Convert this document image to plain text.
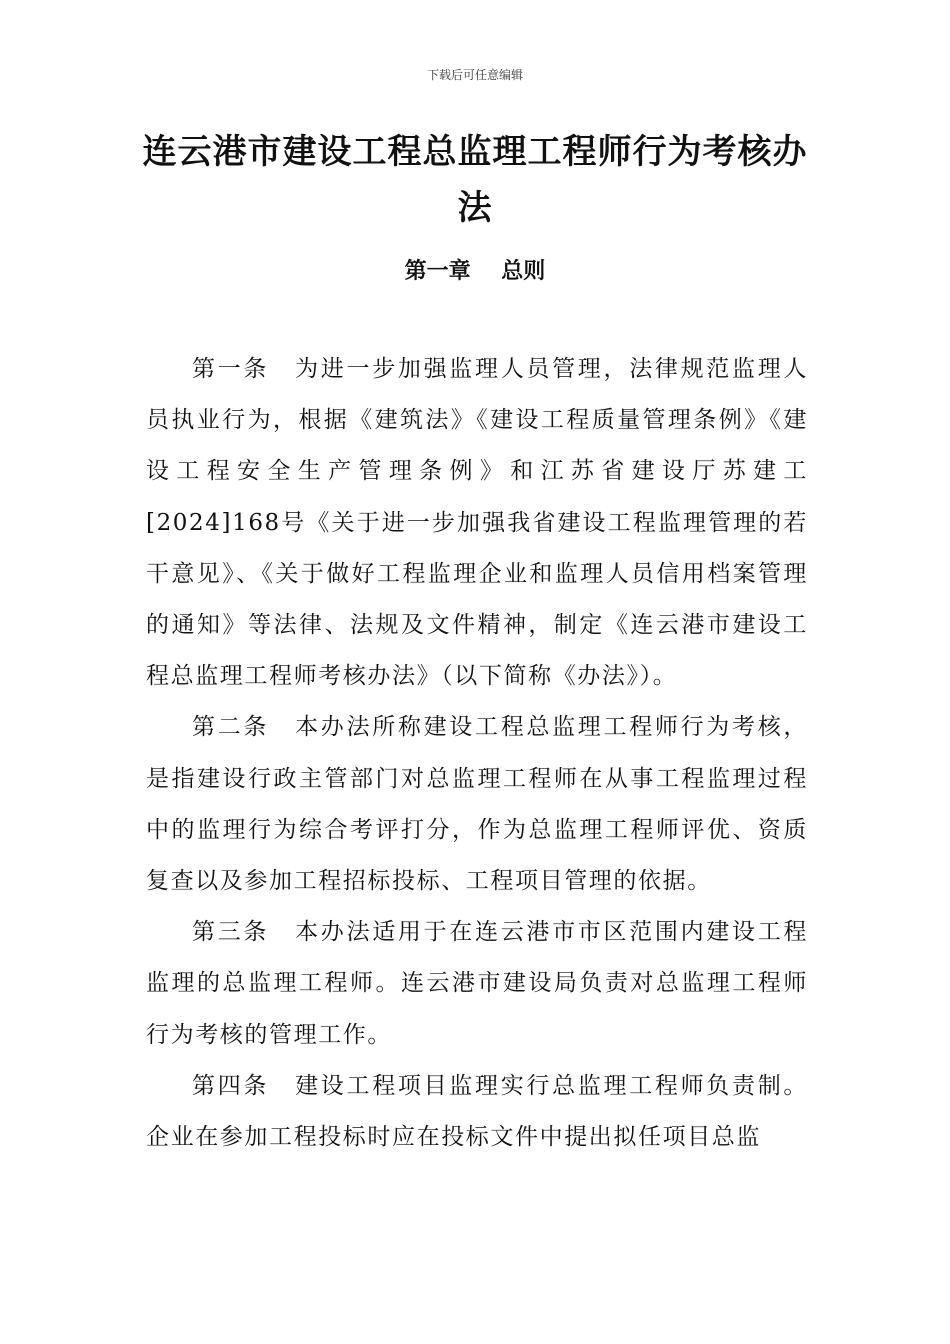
下载后可任意编辑
连云港市建设工程总监理工程师行为考核办法
第一章    总则

第一条 为进一步加强监理人员管理，法律规范监理人员执业行为，根据《建筑法》《建设工程质量管理条例》《建设工程安全生产管理条例》和江苏省建设厅苏建工[2024]168号《关于进一步加强我省建设工程监理管理的若干意见》、《关于做好工程监理企业和监理人员信用档案管理的通知》等法律、法规及文件精神，制定《连云港市建设工程总监理工程师考核办法》（以下简称《办法》）。

第二条 本办法所称建设工程总监理工程师行为考核，是指建设行政主管部门对总监理工程师在从事工程监理过程中的监理行为综合考评打分，作为总监理工程师评优、资质复查以及参加工程招标投标、工程项目管理的依据。

第三条 本办法适用于在连云港市市区范围内建设工程监理的总监理工程师。连云港市建设局负责对总监理工程师行为考核的管理工作。

第四条 建设工程项目监理实行总监理工程师负责制。企业在参加工程投标时应在投标文件中提出拟任项目总监
